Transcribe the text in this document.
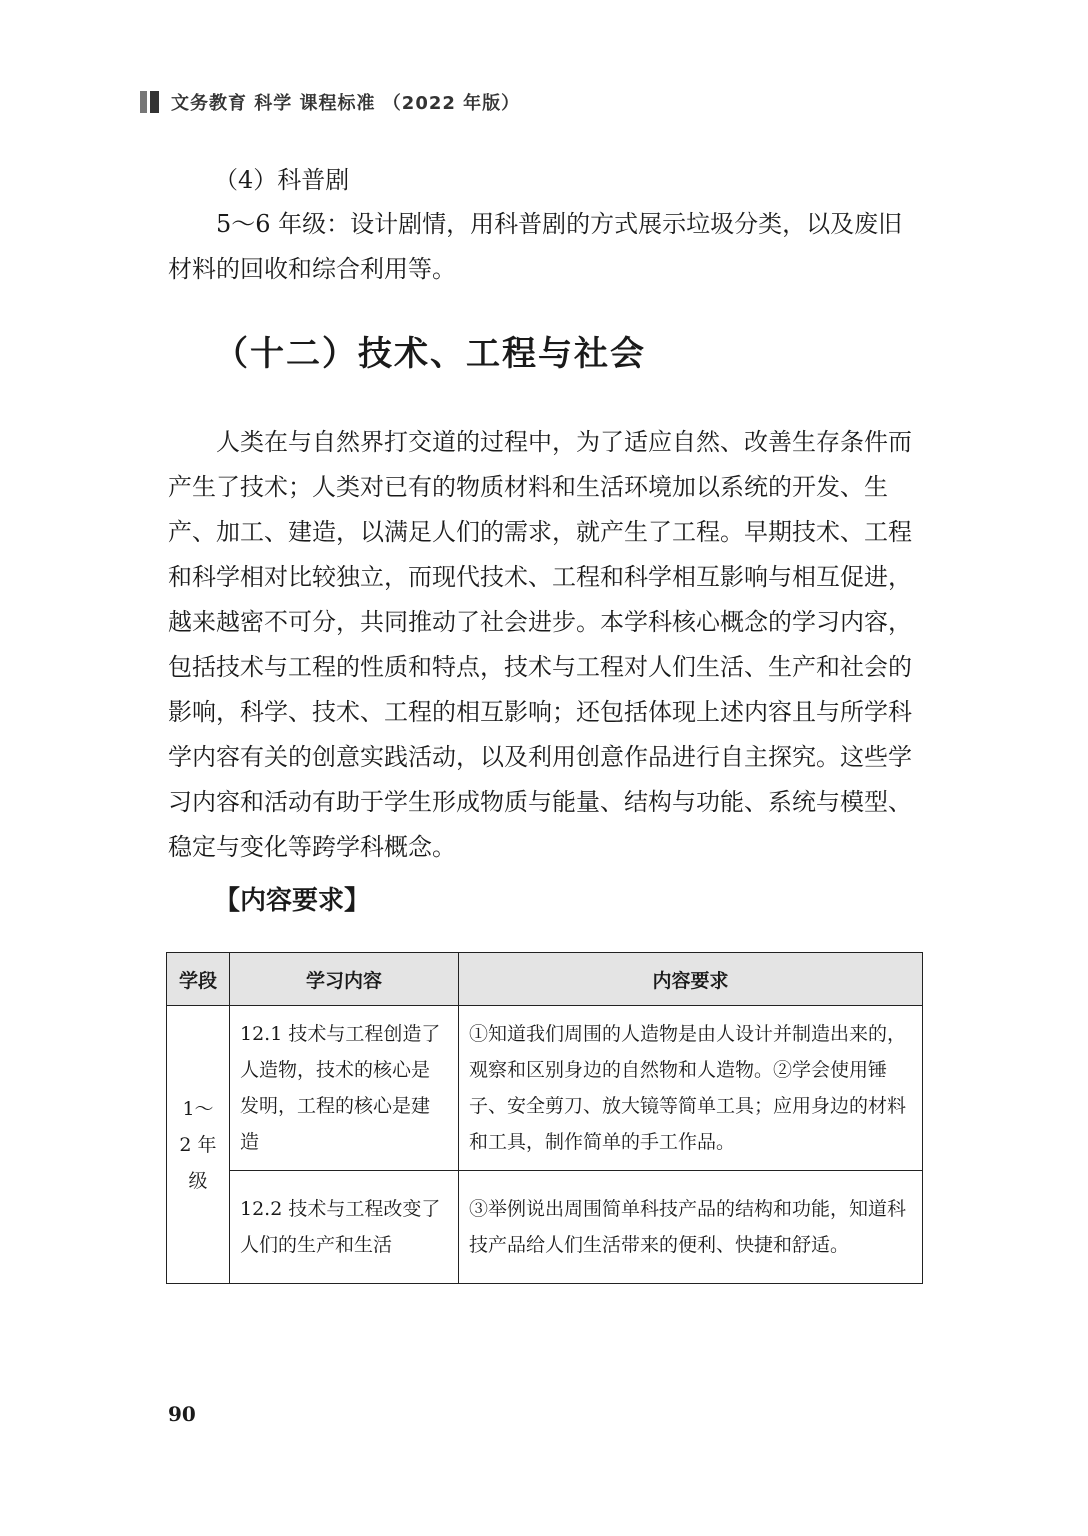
文务教育 科学 课程标准 （2022 年版）

（4）科普剧

5～6 年级：设计剧情，用科普剧的方式展示垃圾分类，以及废旧材料的回收和综合利用等。

（十二）技术、工程与社会

人类在与自然界打交道的过程中，为了适应自然、改善生存条件而产生了技术；人类对已有的物质材料和生活环境加以系统的开发、生产、加工、建造，以满足人们的需求，就产生了工程。早期技术、工程和科学相对比较独立，而现代技术、工程和科学相互影响与相互促进，越来越密不可分，共同推动了社会进步。本学科核心概念的学习内容，包括技术与工程的性质和特点，技术与工程对人们生活、生产和社会的影响，科学、技术、工程的相互影响；还包括体现上述内容且与所学科学内容有关的创意实践活动，以及利用创意作品进行自主探究。这些学习内容和活动有助于学生形成物质与能量、结构与功能、系统与模型、稳定与变化等跨学科概念。

【内容要求】
学段	学习内容	内容要求
1～2 年级	12.1 技术与工程创造了人造物，技术的核心是发明，工程的核心是建造	①知道我们周围的人造物是由人设计并制造出来的，观察和区别身边的自然物和人造物。②学会使用锤子、安全剪刀、放大镜等简单工具；应用身边的材料和工具，制作简单的手工作品。
	12.2 技术与工程改变了人们的生产和生活	③举例说出周围简单科技产品的结构和功能，知道科技产品给人们生活带来的便利、快捷和舒适。
90
